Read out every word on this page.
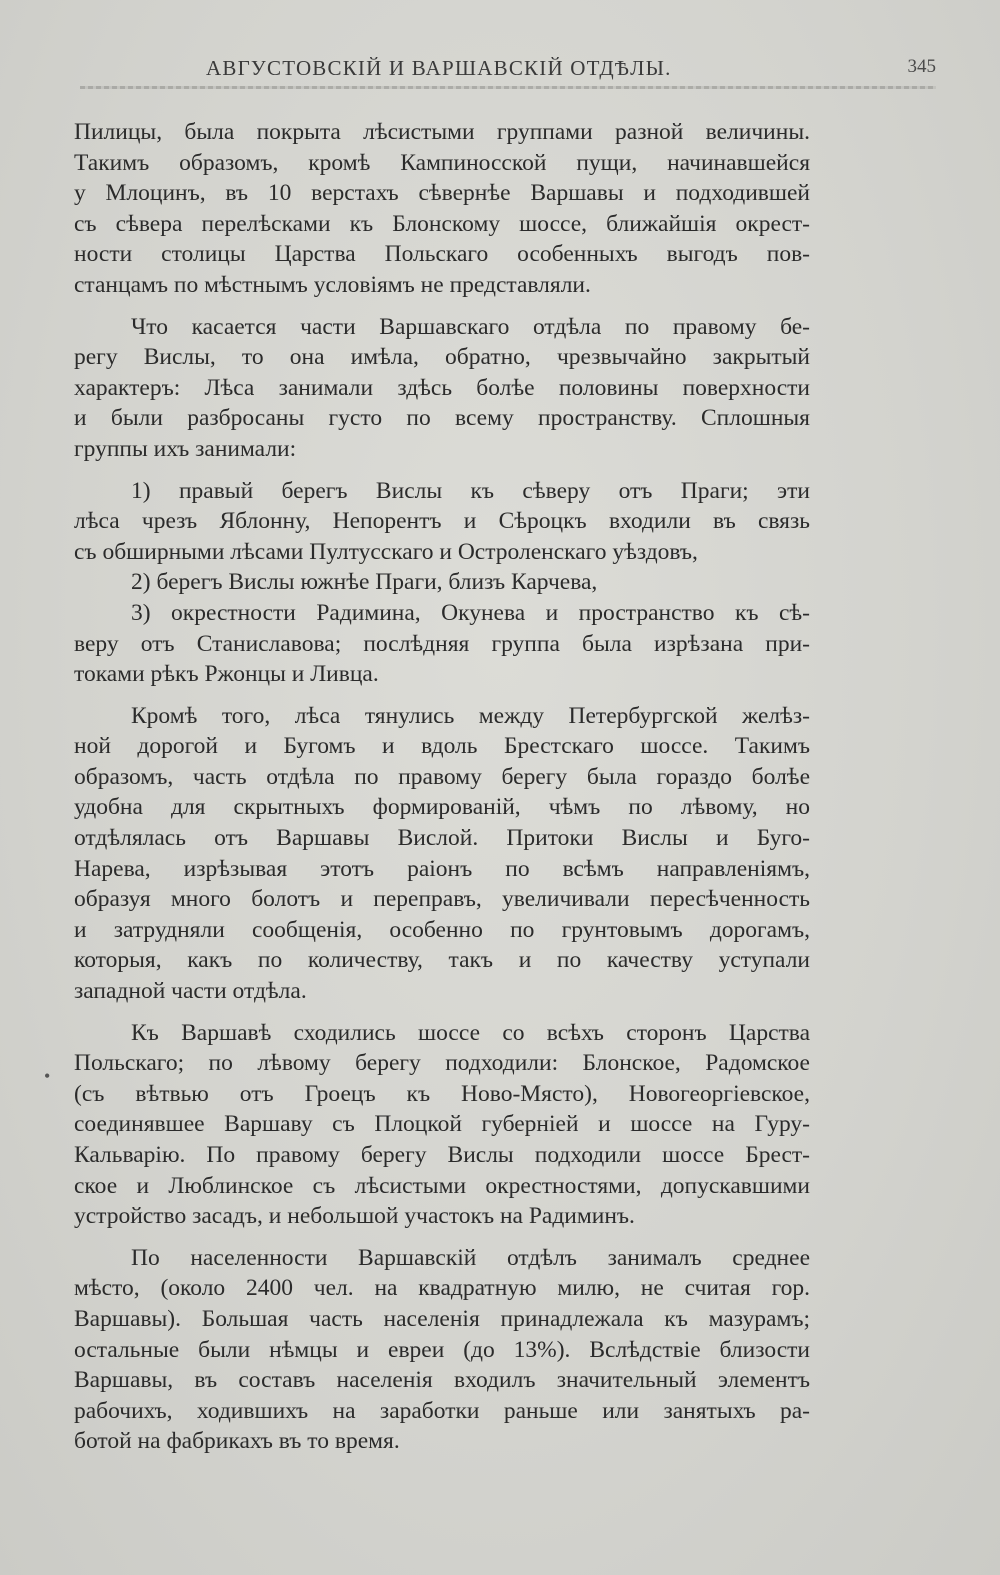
АВГУСТОВСКІЙ И ВАРШАВСКІЙ ОТДѢЛЫ.	345
•
Пилицы, была покрыта лѣсистыми группами разной величины.
Такимъ образомъ, кромѣ Кампиносской пущи, начинавшейся
у Млоцинъ, въ 10 верстахъ сѣвернѣе Варшавы и подходившей
съ сѣвера перелѣсками къ Блонскому шоссе, ближайшія окрест-
ности столицы Царства Польскаго особенныхъ выгодъ пов-
станцамъ по мѣстнымъ условіямъ не представляли.
Что касается части Варшавскаго отдѣла по правому бе-
регу Вислы, то она имѣла, обратно, чрезвычайно закрытый
характеръ: Лѣса занимали здѣсь болѣе половины поверхности
и были разбросаны густо по всему пространству. Сплошныя
группы ихъ занимали:
1) правый берегъ Вислы къ сѣверу отъ Праги; эти
лѣса чрезъ Яблонну, Непорентъ и Сѣроцкъ входили въ связь
съ обширными лѣсами Пултусскаго и Остроленскаго уѣздовъ,
2) берегъ Вислы южнѣе Праги, близъ Карчева,
3) окрестности Радимина, Окунева и пространство къ сѣ-
веру отъ Станиславова; послѣдняя группа была изрѣзана при-
токами рѣкъ Ржонцы и Ливца.
Кромѣ того, лѣса тянулись между Петербургской желѣз-
ной дорогой и Бугомъ и вдоль Брестскаго шоссе. Такимъ
образомъ, часть отдѣла по правому берегу была гораздо болѣе
удобна для скрытныхъ формированій, чѣмъ по лѣвому, но
отдѣлялась отъ Варшавы Вислой. Притоки Вислы и Буго-
Нарева, изрѣзывая этотъ раіонъ по всѣмъ направленіямъ,
образуя много болотъ и переправъ, увеличивали пересѣченность
и затрудняли сообщенія, особенно по грунтовымъ дорогамъ,
которыя, какъ по количеству, такъ и по качеству уступали
западной части отдѣла.
Къ Варшавѣ сходились шоссе со всѣхъ сторонъ Царства
Польскаго; по лѣвому берегу подходили: Блонское, Радомское
(съ вѣтвью отъ Гроецъ къ Ново-Място), Новогеоргіевское,
соединявшее Варшаву съ Плоцкой губерніей и шоссе на Гуру-
Кальварію. По правому берегу Вислы подходили шоссе Брест-
ское и Люблинское съ лѣсистыми окрестностями, допускавшими
устройство засадъ, и небольшой участокъ на Радиминъ.
По населенности Варшавскій отдѣлъ занималъ среднее
мѣсто, (около 2400 чел. на квадратную милю, не считая гор.
Варшавы). Большая часть населенія принадлежала къ мазурамъ;
остальные были нѣмцы и евреи (до 13%). Вслѣдствіе близости
Варшавы, въ составъ населенія входилъ значительный элементъ
рабочихъ, ходившихъ на заработки раньше или занятыхъ ра-
ботой на фабрикахъ въ то время.
